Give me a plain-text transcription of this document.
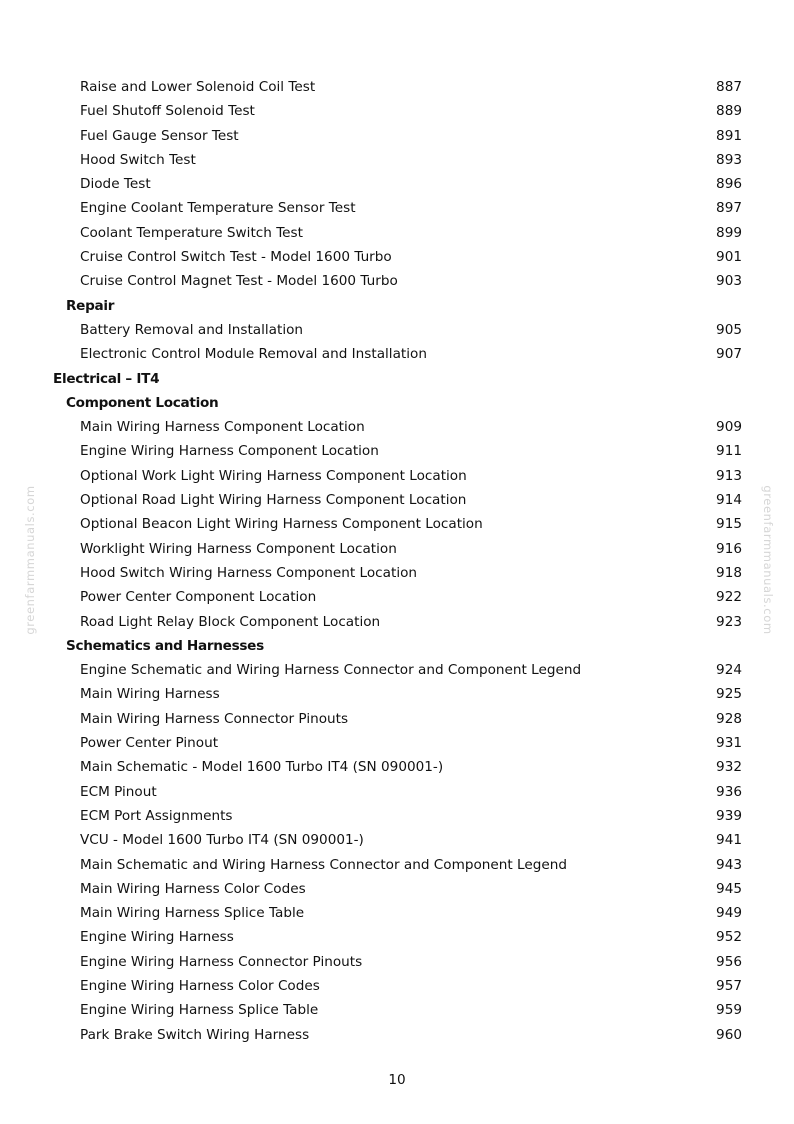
greenfarmmanuals.com	greenfarmmanuals.com
Raise and Lower Solenoid Coil Test	887
Fuel Shutoff Solenoid Test	889
Fuel Gauge Sensor Test	891
Hood Switch Test	893
Diode Test	896
Engine Coolant Temperature Sensor Test	897
Coolant Temperature Switch Test	899
Cruise Control Switch Test - Model 1600 Turbo	901
Cruise Control Magnet Test - Model 1600 Turbo	903
Repair
Battery Removal and Installation	905
Electronic Control Module Removal and Installation	907
Electrical – IT4
Component Location
Main Wiring Harness Component Location	909
Engine Wiring Harness Component Location	911
Optional Work Light Wiring Harness Component Location	913
Optional Road Light Wiring Harness Component Location	914
Optional Beacon Light Wiring Harness Component Location	915
Worklight Wiring Harness Component Location	916
Hood Switch Wiring Harness Component Location	918
Power Center Component Location	922
Road Light Relay Block Component Location	923
Schematics and Harnesses
Engine Schematic and Wiring Harness Connector and Component Legend	924
Main Wiring Harness	925
Main Wiring Harness Connector Pinouts	928
Power Center Pinout	931
Main Schematic - Model 1600 Turbo IT4 (SN 090001-)	932
ECM Pinout	936
ECM Port Assignments	939
VCU - Model 1600 Turbo IT4 (SN 090001-)	941
Main Schematic and Wiring Harness Connector and Component Legend	943
Main Wiring Harness Color Codes	945
Main Wiring Harness Splice Table	949
Engine Wiring Harness	952
Engine Wiring Harness Connector Pinouts	956
Engine Wiring Harness Color Codes	957
Engine Wiring Harness Splice Table	959
Park Brake Switch Wiring Harness	960
10
